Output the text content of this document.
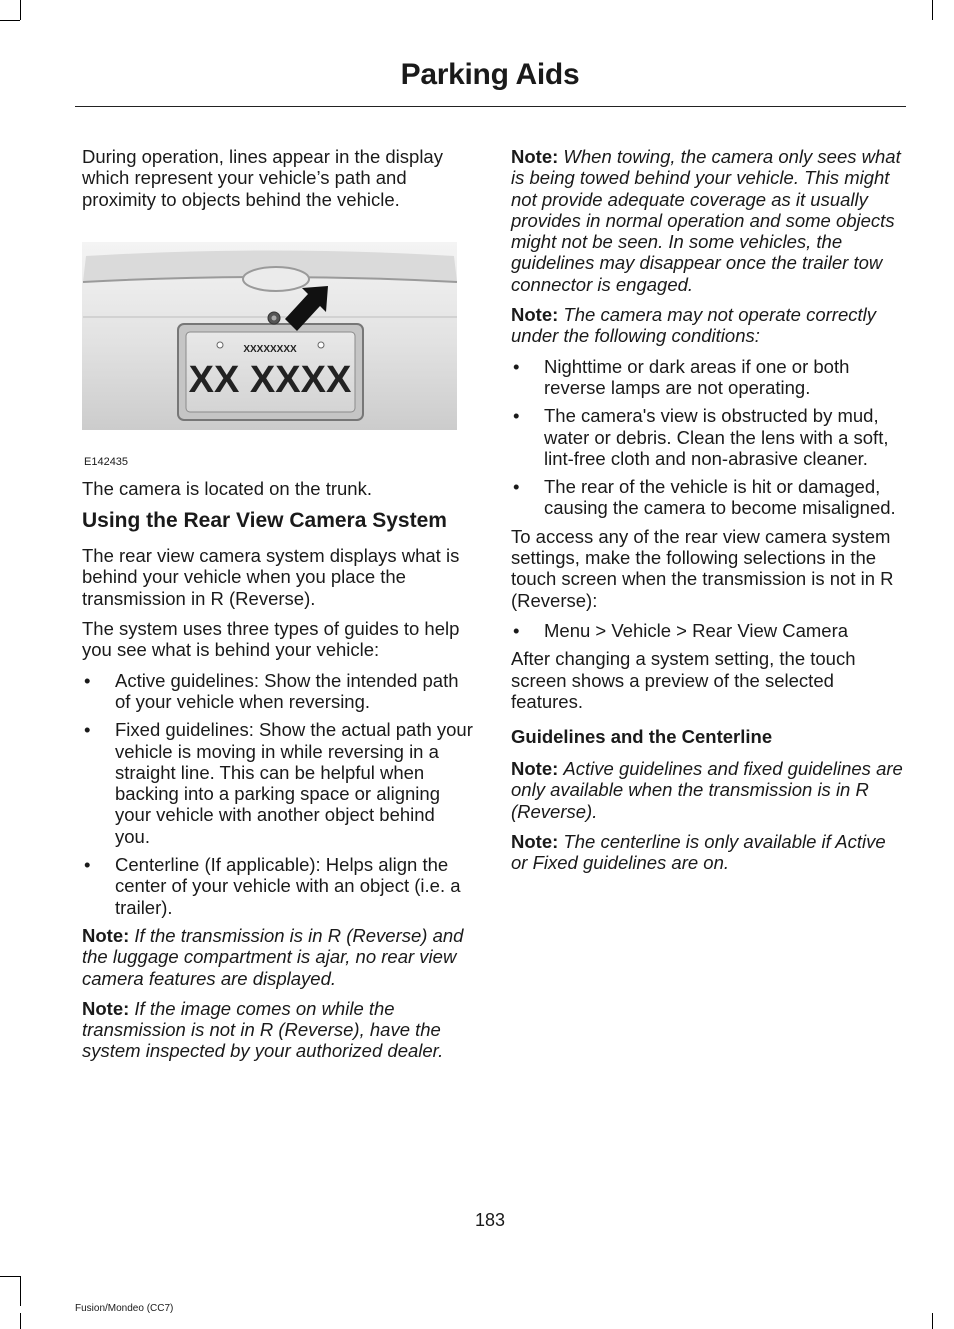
Parking Aids

During operation, lines appear in the display which represent your vehicle’s path and proximity to objects behind the vehicle.

XXXXXXXX
XX XXXX
E142435

The camera is located on the trunk.

Using the Rear View Camera System

The rear view camera system displays what is behind your vehicle when you place the transmission in R (Reverse).

The system uses three types of guides to help you see what is behind your vehicle:

• Active guidelines: Show the intended path of your vehicle when reversing.
• Fixed guidelines: Show the actual path your vehicle is moving in while reversing in a straight line. This can be helpful when backing into a parking space or aligning your vehicle with another object behind you.
• Centerline (If applicable): Helps align the center of your vehicle with an object (i.e. a trailer).

Note: If the transmission is in R (Reverse) and the luggage compartment is ajar, no rear view camera features are displayed.

Note: If the image comes on while the transmission is not in R (Reverse), have the system inspected by your authorized dealer.

Note: When towing, the camera only sees what is being towed behind your vehicle. This might not provide adequate coverage as it usually provides in normal operation and some objects might not be seen. In some vehicles, the guidelines may disappear once the trailer tow connector is engaged.

Note: The camera may not operate correctly under the following conditions:

• Nighttime or dark areas if one or both reverse lamps are not operating.
• The camera's view is obstructed by mud, water or debris. Clean the lens with a soft, lint-free cloth and non-abrasive cleaner.
• The rear of the vehicle is hit or damaged, causing the camera to become misaligned.

To access any of the rear view camera system settings, make the following selections in the touch screen when the transmission is not in R (Reverse):

• Menu > Vehicle > Rear View Camera

After changing a system setting, the touch screen shows a preview of the selected features.

Guidelines and the Centerline

Note: Active guidelines and fixed guidelines are only available when the transmission is in R (Reverse).

Note: The centerline is only available if Active or Fixed guidelines are on.

183
Fusion/Mondeo (CC7)
